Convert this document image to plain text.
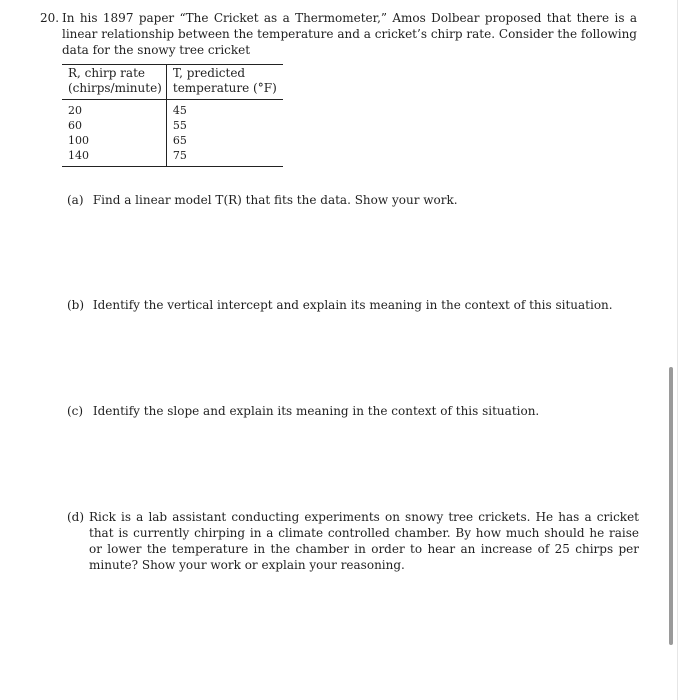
20. In his 1897 paper “The Cricket as a Thermometer,” Amos Dolbear proposed that there is a linear relationship between the temperature and a cricket’s chirp rate. Consider the following data for the snowy tree cricket
R, chirp rate (chirps/minute)	T, predicted temperature (°F)
20	45
60	55
100	65
140	75
(a) Find a linear model T(R) that fits the data. Show your work.
(b) Identify the vertical intercept and explain its meaning in the context of this situation.
(c) Identify the slope and explain its meaning in the context of this situation.
(d) Rick is a lab assistant conducting experiments on snowy tree crickets. He has a cricket that is currently chirping in a climate controlled chamber. By how much should he raise or lower the temperature in the chamber in order to hear an increase of 25 chirps per minute? Show your work or explain your reasoning.
